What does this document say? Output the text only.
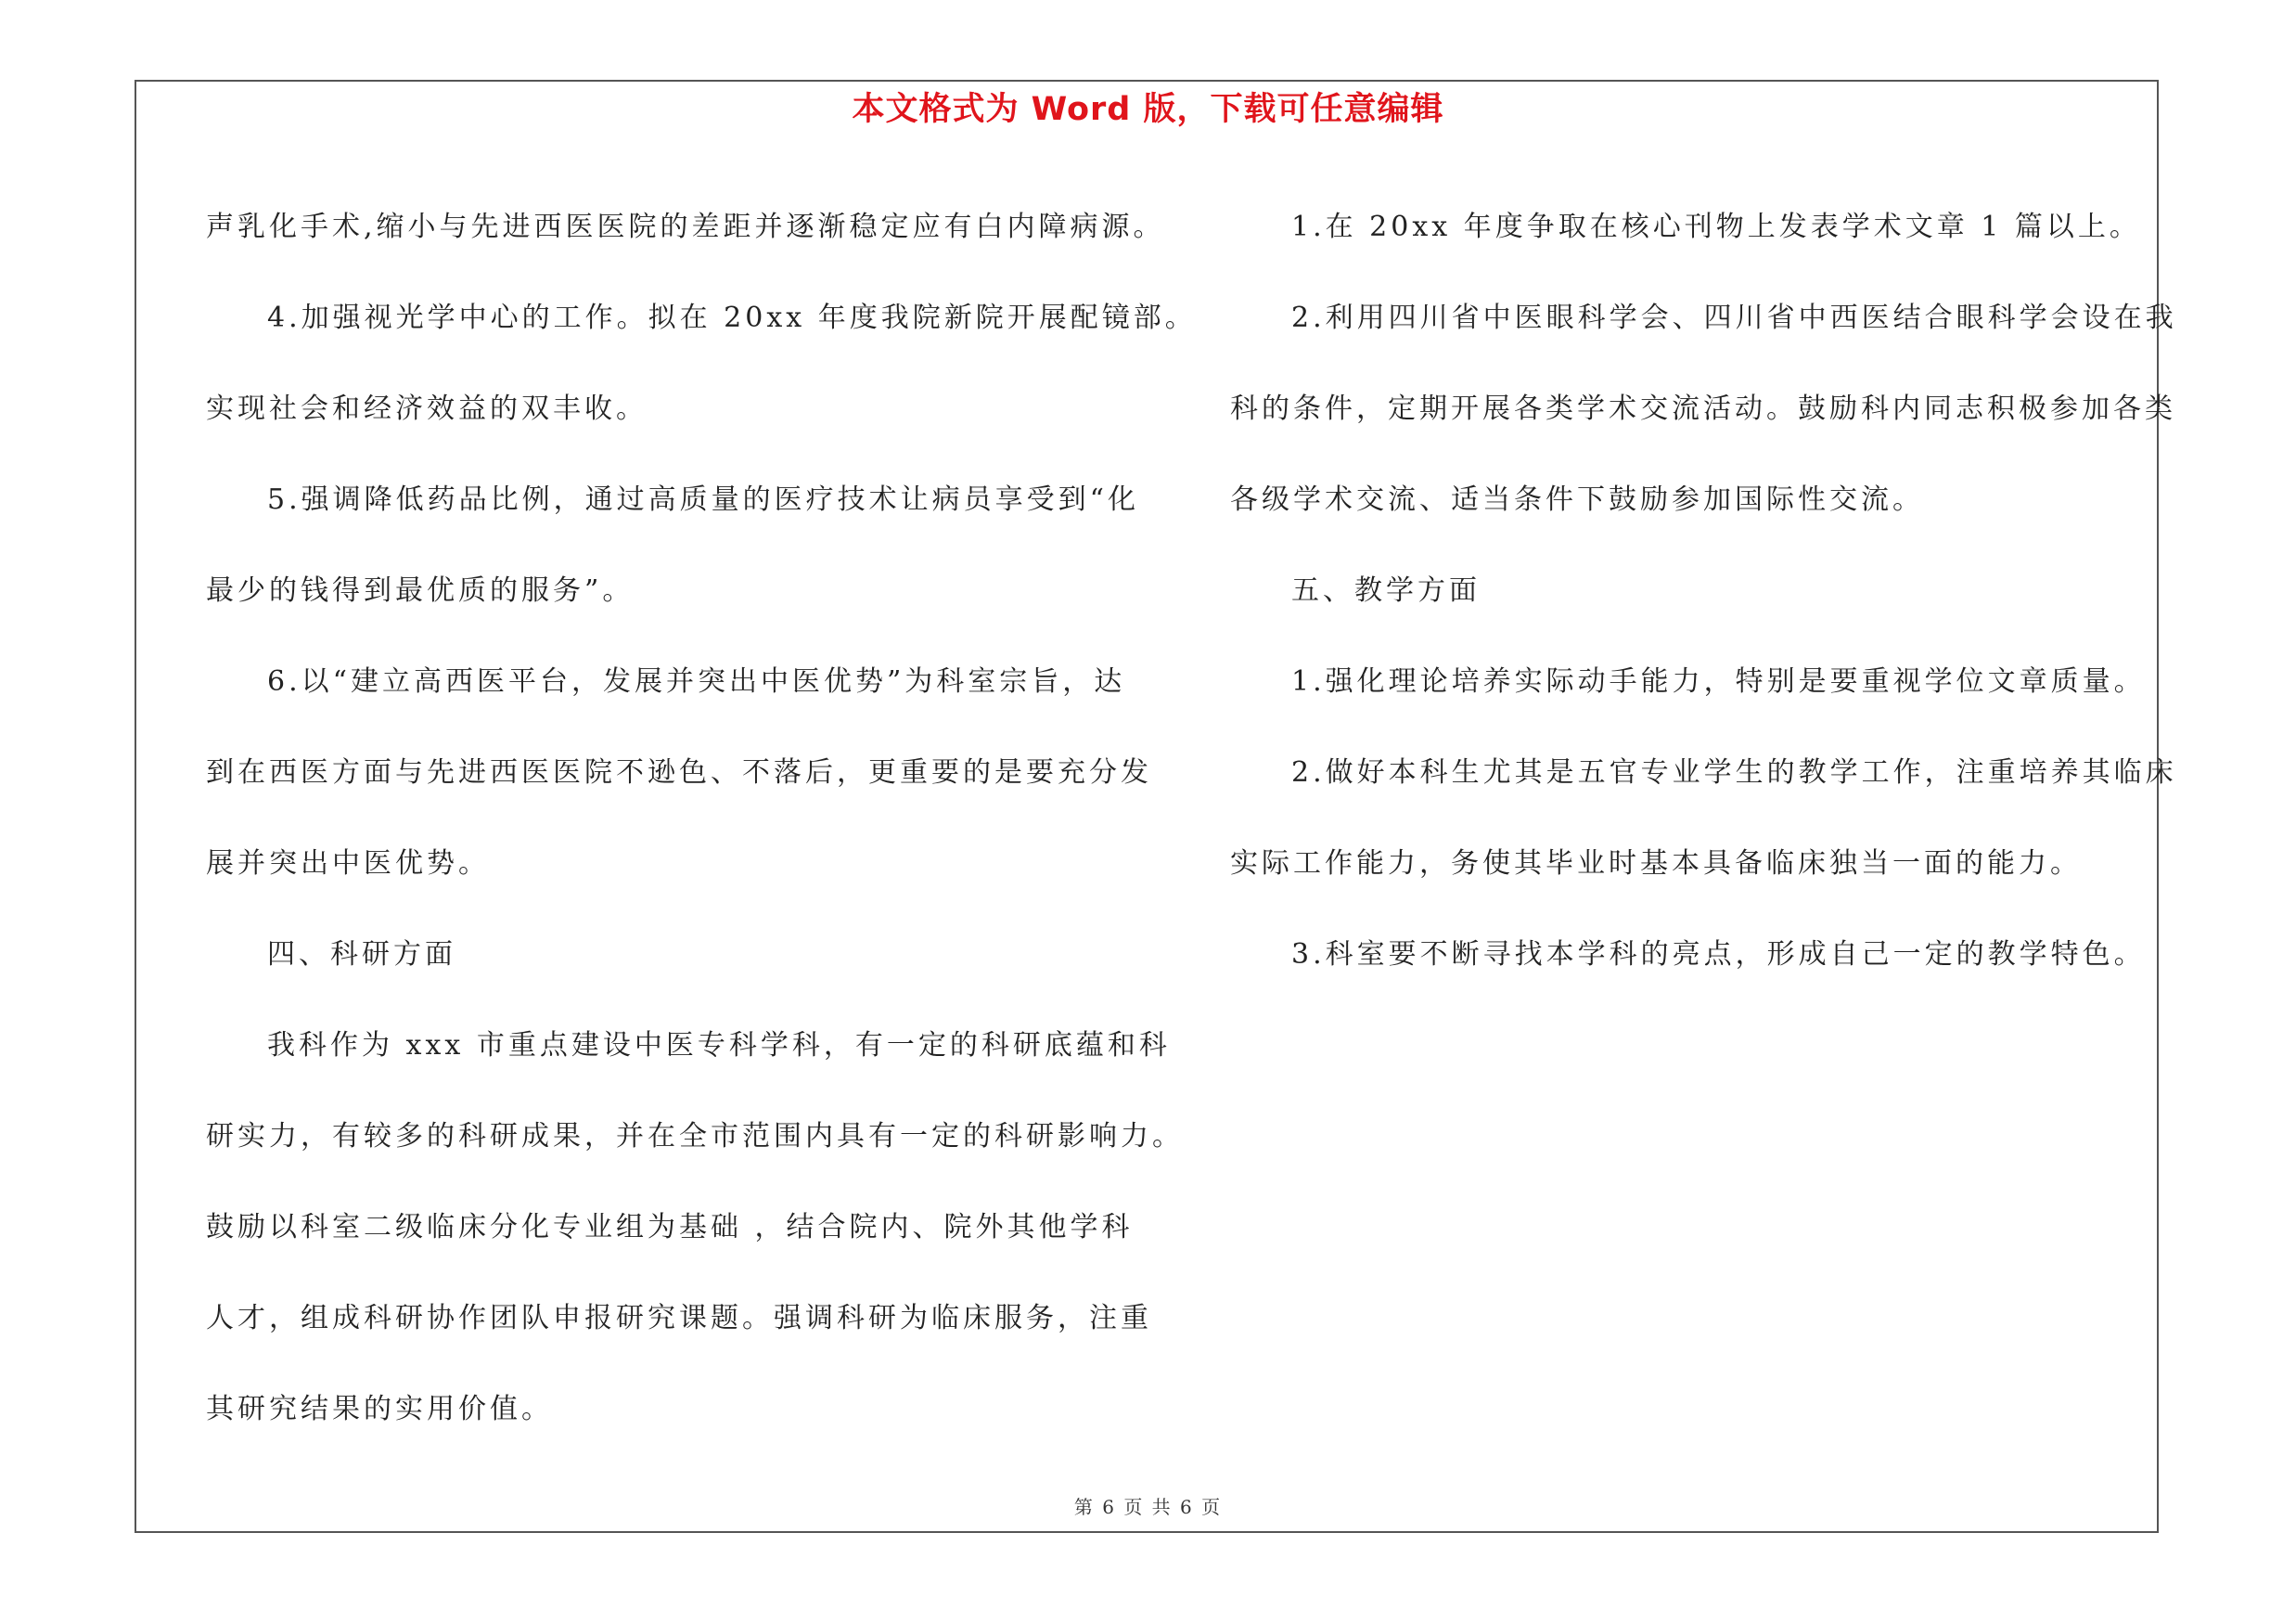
本文格式为 Word 版，下载可任意编辑
声乳化手术,缩小与先进西医医院的差距并逐渐稳定应有白内障病源。
4.加强视光学中心的工作。拟在 20xx 年度我院新院开展配镜部。
实现社会和经济效益的双丰收。
5.强调降低药品比例，通过高质量的医疗技术让病员享受到“化
最少的钱得到最优质的服务”。
6.以“建立高西医平台，发展并突出中医优势”为科室宗旨，达
到在西医方面与先进西医医院不逊色、不落后，更重要的是要充分发
展并突出中医优势。
四、科研方面
我科作为 xxx 市重点建设中医专科学科，有一定的科研底蕴和科
研实力，有较多的科研成果，并在全市范围内具有一定的科研影响力。
鼓励以科室二级临床分化专业组为基础 ，结合院内、院外其他学科
人才，组成科研协作团队申报研究课题。强调科研为临床服务，注重
其研究结果的实用价值。
1.在 20xx 年度争取在核心刊物上发表学术文章 1 篇以上。
2.利用四川省中医眼科学会、四川省中西医结合眼科学会设在我
科的条件，定期开展各类学术交流活动。鼓励科内同志积极参加各类
各级学术交流、适当条件下鼓励参加国际性交流。
五、教学方面
1.强化理论培养实际动手能力，特别是要重视学位文章质量。
2.做好本科生尤其是五官专业学生的教学工作，注重培养其临床
实际工作能力，务使其毕业时基本具备临床独当一面的能力。
3.科室要不断寻找本学科的亮点，形成自己一定的教学特色。
第 6 页 共 6 页
